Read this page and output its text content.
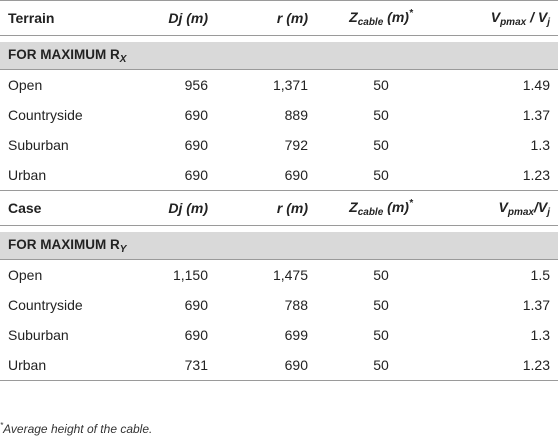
Terrain	Dj (m)	r (m)	$Z_{cable}$ (m)*	$V_{pmax} / V_j$

FOR MAXIMUM $R_X$
Open	956	1,371	50	1.49
Countryside	690	889	50	1.37
Suburban	690	792	50	1.3
Urban	690	690	50	1.23
Case	Dj (m)	r (m)	$Z_{cable}$ (m)*	$V_{pmax}/V_j$

FOR MAXIMUM $R_Y$
Open	1,150	1,475	50	1.5
Countryside	690	788	50	1.37
Suburban	690	699	50	1.3
Urban	731	690	50	1.23
*Average height of the cable.
